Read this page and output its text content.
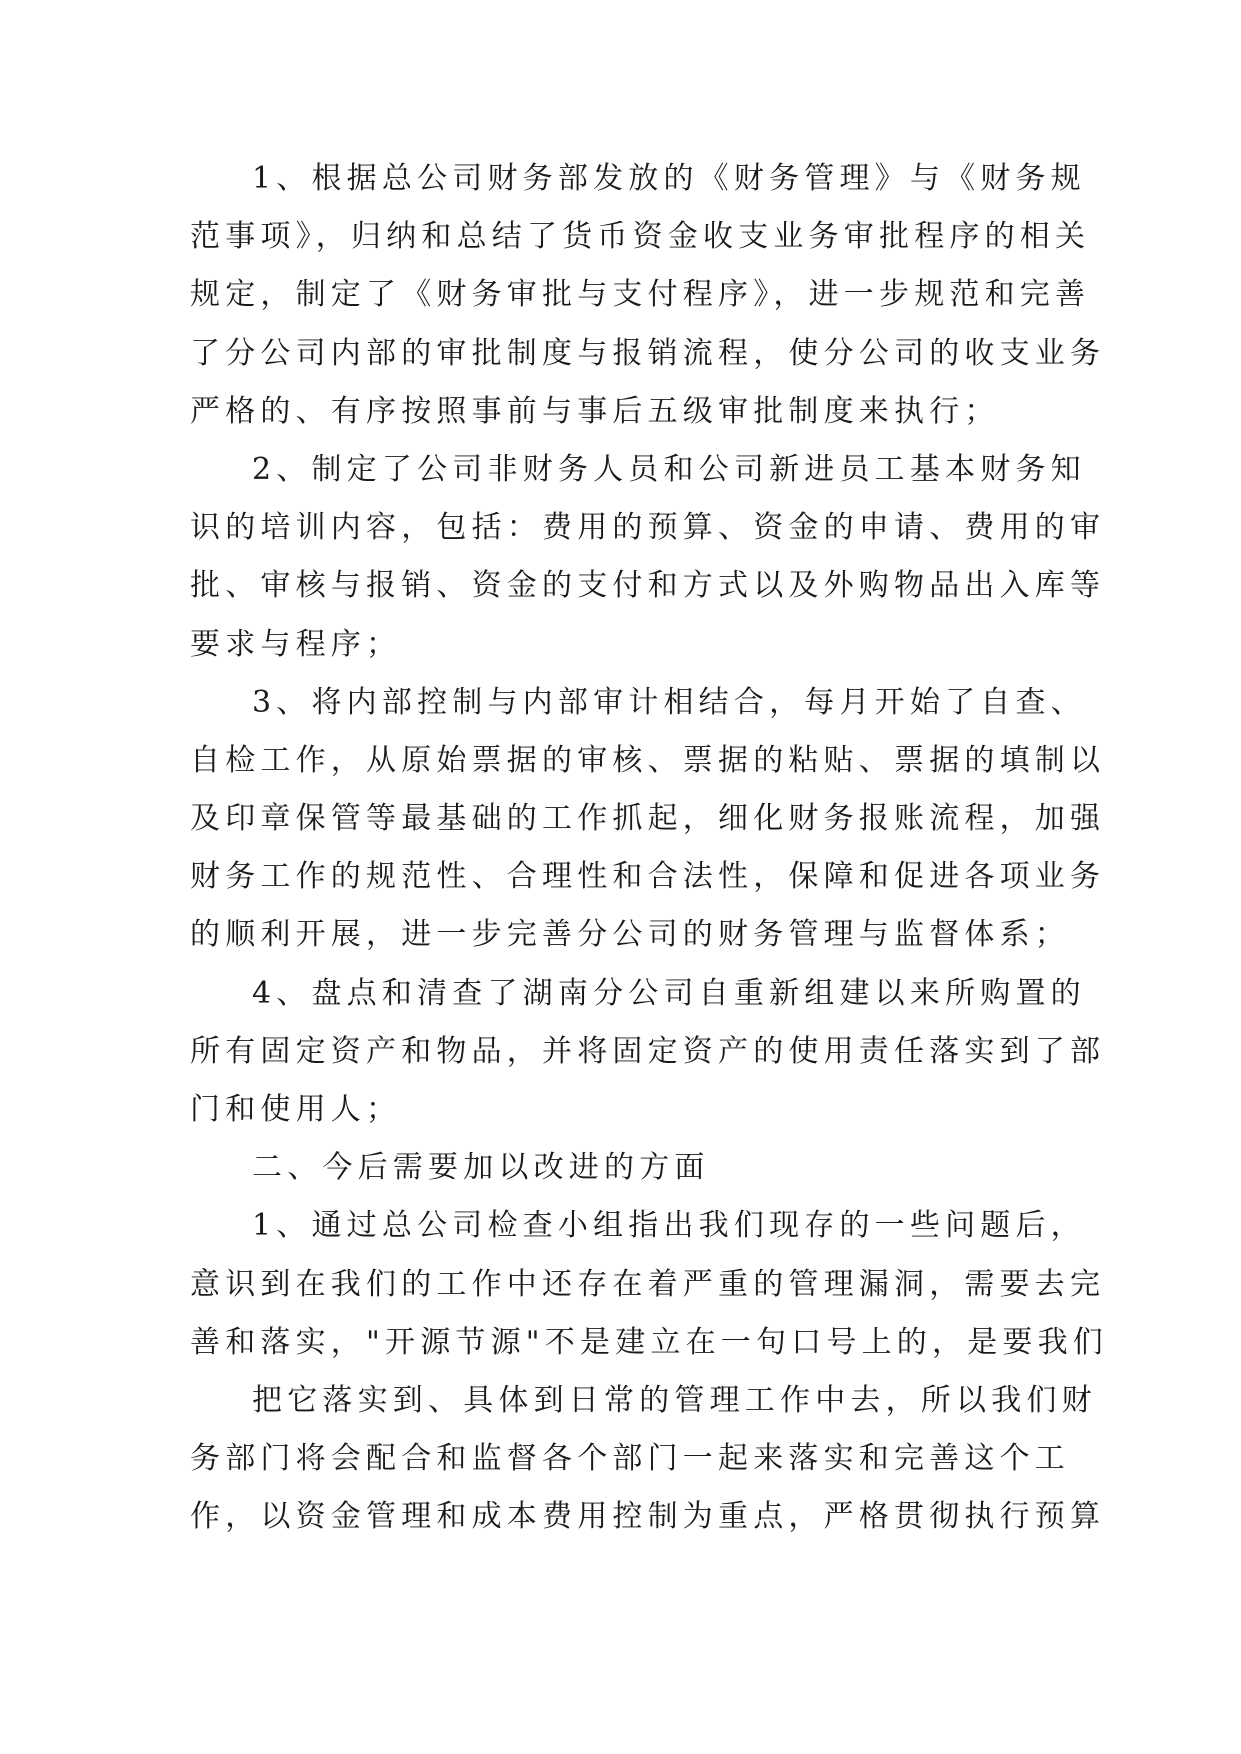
1、根据总公司财务部发放的《财务管理》与《财务规
范事项》，归纳和总结了货币资金收支业务审批程序的相关
规定，制定了《财务审批与支付程序》，进一步规范和完善
了分公司内部的审批制度与报销流程，使分公司的收支业务
严格的、有序按照事前与事后五级审批制度来执行；
2、制定了公司非财务人员和公司新进员工基本财务知
识的培训内容，包括：费用的预算、资金的申请、费用的审
批、审核与报销、资金的支付和方式以及外购物品出入库等
要求与程序；
3、将内部控制与内部审计相结合，每月开始了自查、
自检工作，从原始票据的审核、票据的粘贴、票据的填制以
及印章保管等最基础的工作抓起，细化财务报账流程，加强
财务工作的规范性、合理性和合法性，保障和促进各项业务
的顺利开展，进一步完善分公司的财务管理与监督体系；
4、盘点和清查了湖南分公司自重新组建以来所购置的
所有固定资产和物品，并将固定资产的使用责任落实到了部
门和使用人；
二、今后需要加以改进的方面
1、通过总公司检查小组指出我们现存的一些问题后，
意识到在我们的工作中还存在着严重的管理漏洞，需要去完
善和落实，"开源节源"不是建立在一句口号上的，是要我们
把它落实到、具体到日常的管理工作中去，所以我们财
务部门将会配合和监督各个部门一起来落实和完善这个工
作，以资金管理和成本费用控制为重点，严格贯彻执行预算
